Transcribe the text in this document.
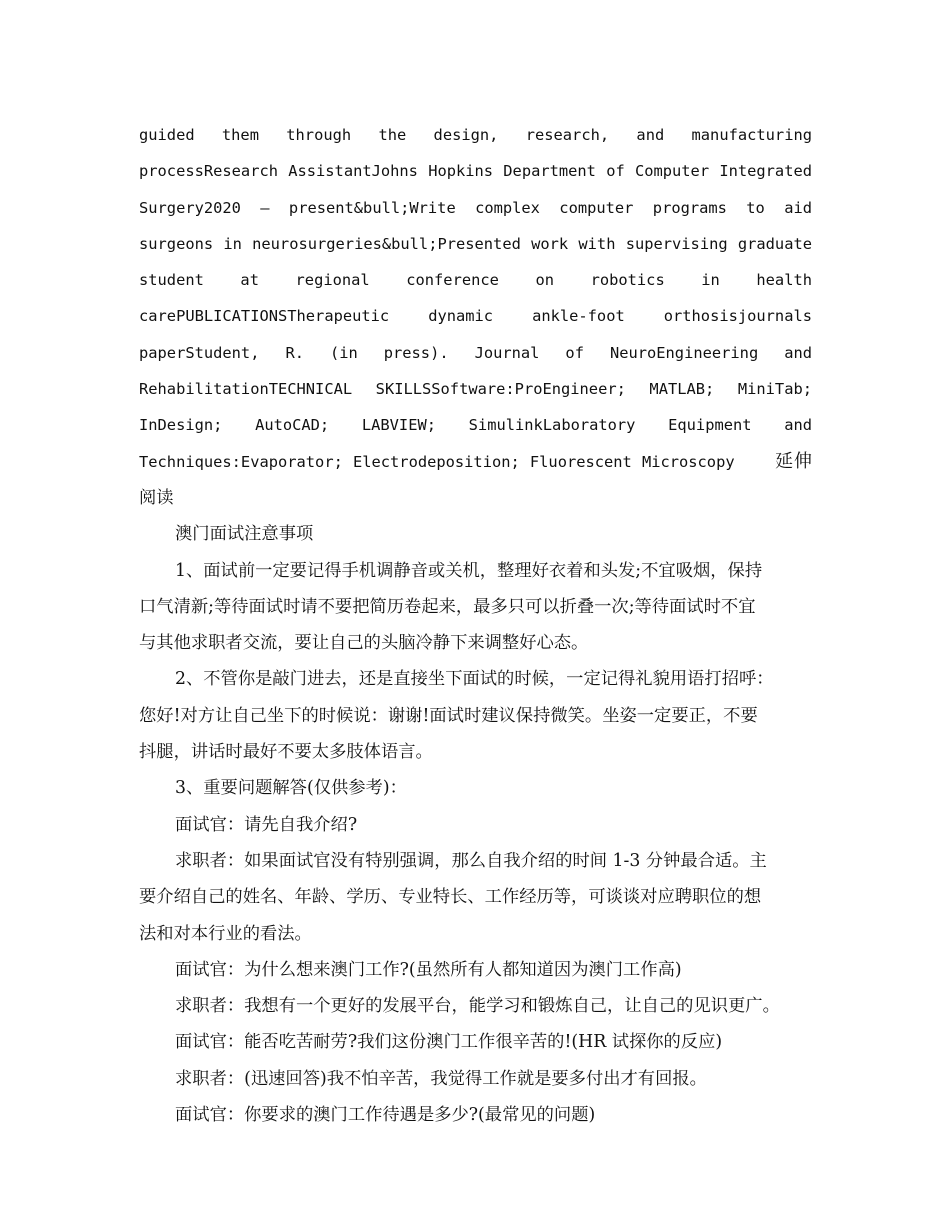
guided them through the design, research, and manufacturing
processResearch AssistantJohns Hopkins Department of Computer Integrated
Surgery2020 – present&bull;Write complex computer programs to aid
surgeons in neurosurgeries&bull;Presented work with supervising graduate
student at regional conference on robotics in health
carePUBLICATIONSTherapeutic dynamic ankle-foot orthosisjournals
paperStudent, R. (in press). Journal of NeuroEngineering and
RehabilitationTECHNICAL SKILLSSoftware:ProEngineer; MATLAB; MiniTab;
InDesign; AutoCAD; LABVIEW; SimulinkLaboratory Equipment and
Techniques:Evaporator; Electrodeposition; Fluorescent Microscopy 延伸
阅读
澳门面试注意事项
1、面试前一定要记得手机调静音或关机，整理好衣着和头发;不宜吸烟，保持
口气清新;等待面试时请不要把简历卷起来，最多只可以折叠一次;等待面试时不宜
与其他求职者交流，要让自己的头脑冷静下来调整好心态。
2、不管你是敲门进去，还是直接坐下面试的时候，一定记得礼貌用语打招呼：
您好!对方让自己坐下的时候说：谢谢!面试时建议保持微笑。坐姿一定要正，不要
抖腿，讲话时最好不要太多肢体语言。
3、重要问题解答(仅供参考)：
面试官：请先自我介绍?
求职者：如果面试官没有特别强调，那么自我介绍的时间 1-3 分钟最合适。主
要介绍自己的姓名、年龄、学历、专业特长、工作经历等，可谈谈对应聘职位的想
法和对本行业的看法。
面试官：为什么想来澳门工作?(虽然所有人都知道因为澳门工作高)
求职者：我想有一个更好的发展平台，能学习和锻炼自己，让自己的见识更广。
面试官：能否吃苦耐劳?我们这份澳门工作很辛苦的!(HR 试探你的反应)
求职者：(迅速回答)我不怕辛苦，我觉得工作就是要多付出才有回报。
面试官：你要求的澳门工作待遇是多少?(最常见的问题)
